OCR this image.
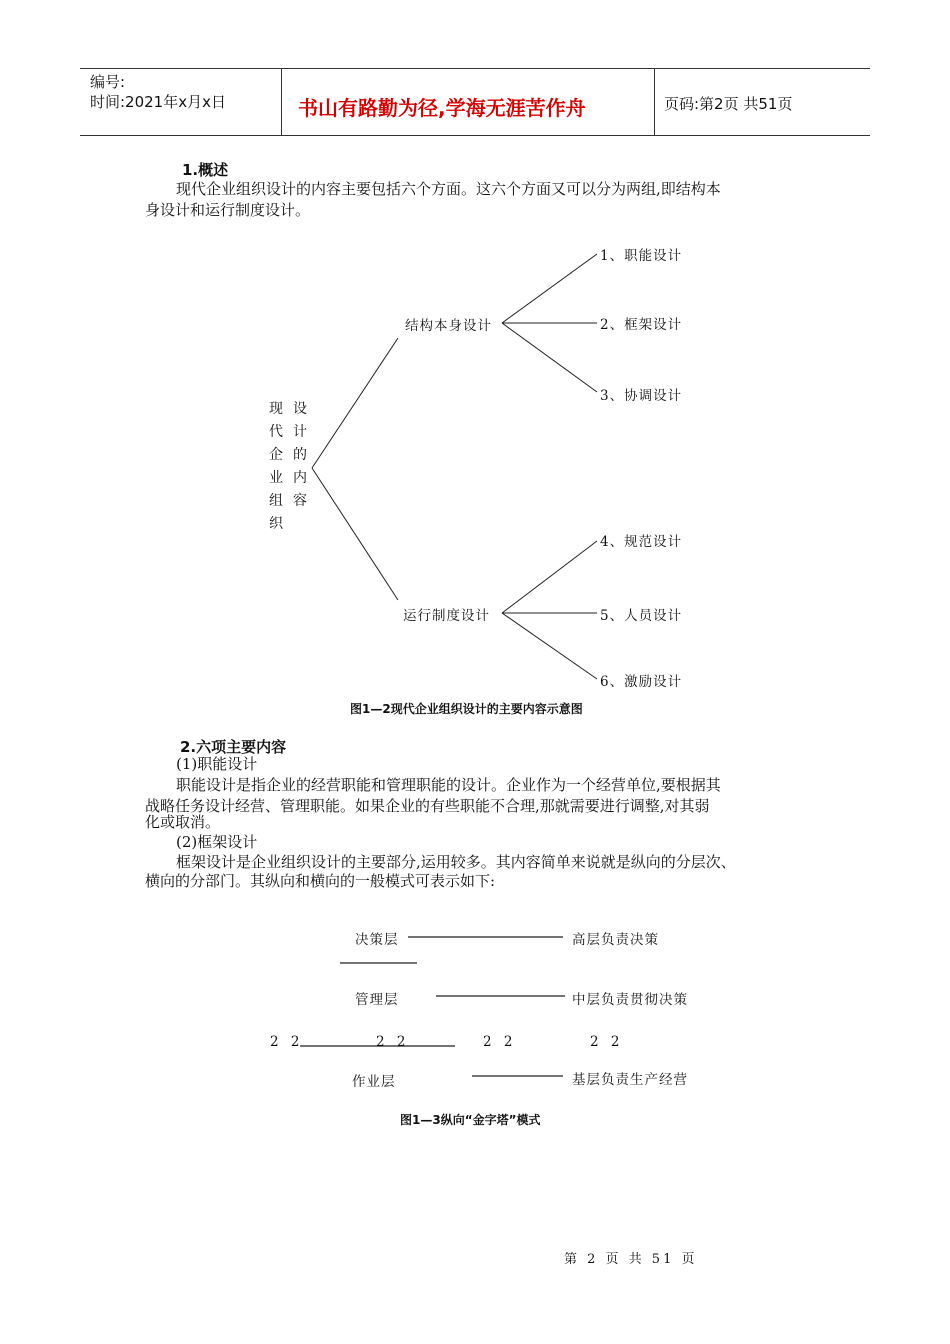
编号:
时间:2021年x月x日	书山有路勤为径,学海无涯苦作舟	页码:第2页 共51页
1.概述
现代企业组织设计的内容主要包括六个方面。这六个方面又可以分为两组,即结构本
身设计和运行制度设计。
现代企业组织
设计的内容
结构本身设计
运行制度设计
1、职能设计
2、框架设计
3、协调设计
4、规范设计
5、人员设计
6、激励设计
图1—2现代企业组织设计的主要内容示意图
2.六项主要内容
(1)职能设计
职能设计是指企业的经营职能和管理职能的设计。企业作为一个经营单位,要根据其
战略任务设计经营、管理职能。如果企业的有些职能不合理,那就需要进行调整,对其弱
化或取消。
(2)框架设计
框架设计是企业组织设计的主要部分,运用较多。其内容简单来说就是纵向的分层次、
横向的分部门。其纵向和横向的一般模式可表示如下:
决策层	高层负责决策
管理层	中层负责贯彻决策
2 2	2 2	2 2	2 2
作业层	基层负责生产经营
图1—3纵向“金字塔”模式
第 2 页 共 51 页
